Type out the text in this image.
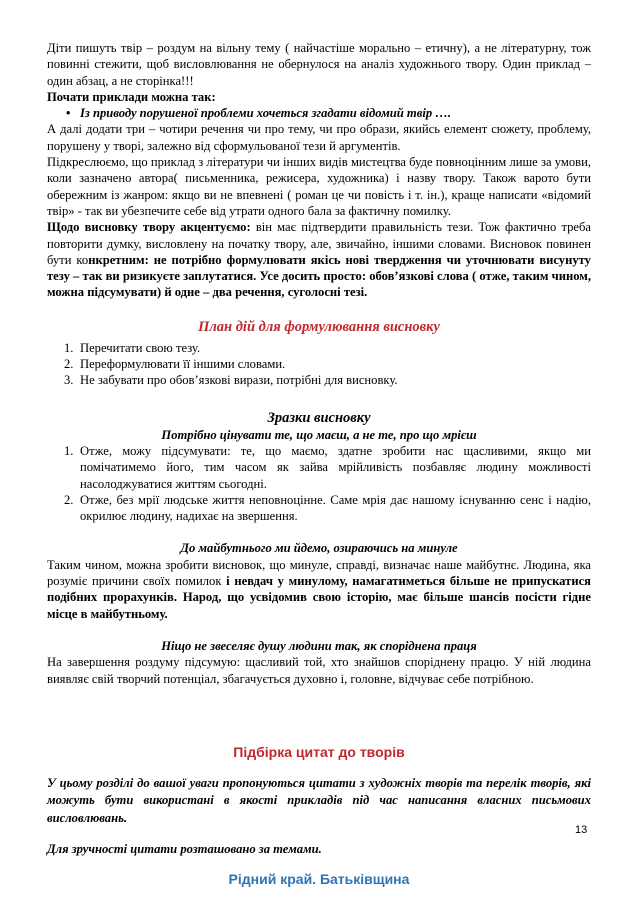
Діти пишуть твір – роздум на вільну тему ( найчастіше морально – етичну), а не літературну, тож повинні стежити, щоб висловлювання не обернулося на аналіз художнього твору. Один приклад – один абзац, а не сторінка!!!

Почати приклади можна так:

• Із приводу порушеної проблеми хочеться згадати відомий твір ….

А далі додати три – чотири речення чи про тему, чи про образи, якийсь елемент сюжету, проблему, порушену у творі, залежно від сформульованої тези й аргументів.

Підкреслюємо, що приклад з літератури чи інших видів мистецтва буде повноцінним лише за умови, коли зазначено автора( письменника, режисера, художника) і назву твору. Також варото бути обережним із жанром: якщо ви не впевнені ( роман це чи повість і т. ін.), краще написати «відомий твір» - так ви убезпечите себе від утрати одного бала за фактичну помилку.

Щодо висновку твору акцентуємо: він має підтвердити правильність тези. Тож фактично треба повторити думку, висловлену на початку твору, але, звичайно, іншими словами. Висновок повинен бути конкретним: не потрібно формулювати якісь нові твердження чи уточнювати висунуту тезу – так ви ризикуєте заплутатися. Усе досить просто: обов’язкові слова ( отже, таким чином, можна підсумувати) й одне – два речення, суголосні тезі.

План дій для формулювання висновку
1. Перечитати свою тезу.
2. Переформулювати її іншими словами.
3. Не забувати про обов’язкові вирази, потрібні для висновку.
Зразки висновку
Потрібно цінувати те, що маєш, а не те, про що мрієш
1. Отже, можу підсумувати: те, що маємо, здатне зробити нас щасливими, якщо ми помічатимемо його, тим часом як зайва мрійливість позбавляє людину можливості насолоджуватися життям сьогодні.
2. Отже, без мрії людське життя неповноцінне. Саме мрія дає нашому існуванню сенс і надію, окрилює людину, надихає на звершення.
До майбутнього ми йдемо, озираючись на минуле

Таким чином, можна зробити висновок, що минуле, справді, визначає наше майбутнє. Людина, яка розуміє причини своїх помилок і невдач у минулому, намагатиметься більше не припускатися подібних прорахунків. Народ, що усвідомив свою історію, має більше шансів посісти гідне місце в майбутньому.

Ніщо не звеселяє душу людини так, як споріднена праця

На завершення роздуму підсумую: щасливий той, хто знайшов споріднену працю. У ній людина виявляє свій творчий потенціал, збагачується духовно і, головне, відчуває себе потрібною.

Підбірка цитат до творів

У цьому розділі до вашої уваги пропонуються цитати з художніх творів та перелік творів, які можуть бути використані в якості прикладів під час написання власних письмових висловлювань.

Для зручності цитати розташовано за темами.

Рідний край. Батьківщина
13
